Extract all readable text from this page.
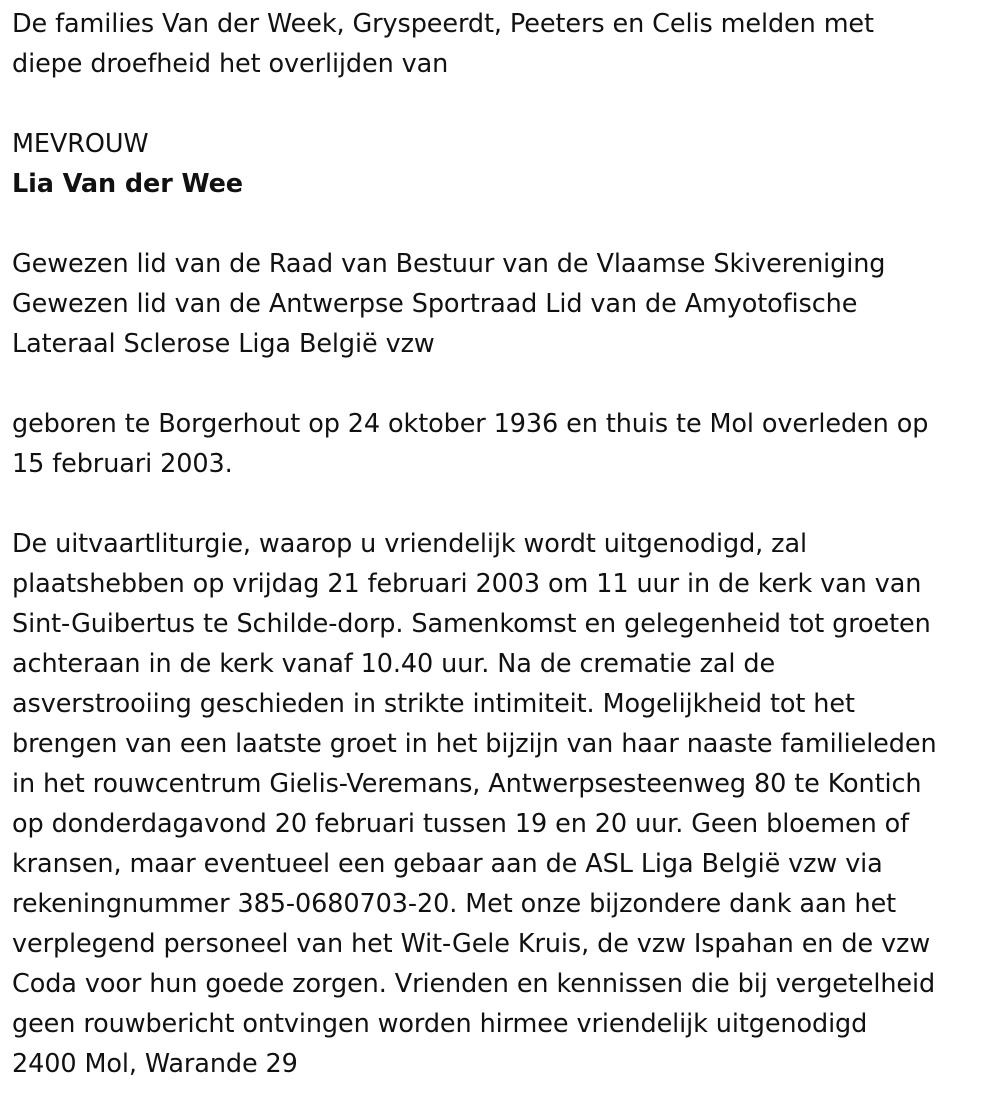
De families Van der Week, Gryspeerdt, Peeters en Celis melden met
diepe droefheid het overlijden van
MEVROUW
Lia Van der Wee
Gewezen lid van de Raad van Bestuur van de Vlaamse Skivereniging
Gewezen lid van de Antwerpse Sportraad Lid van de Amyotofische
Lateraal Sclerose Liga België vzw
geboren te Borgerhout op 24 oktober 1936 en thuis te Mol overleden op
15 februari 2003.
De uitvaartliturgie, waarop u vriendelijk wordt uitgenodigd, zal
plaatshebben op vrijdag 21 februari 2003 om 11 uur in de kerk van van
Sint-Guibertus te Schilde-dorp. Samenkomst en gelegenheid tot groeten
achteraan in de kerk vanaf 10.40 uur. Na de crematie zal de
asverstrooiing geschieden in strikte intimiteit. Mogelijkheid tot het
brengen van een laatste groet in het bijzijn van haar naaste familieleden
in het rouwcentrum Gielis-Veremans, Antwerpsesteenweg 80 te Kontich
op donderdagavond 20 februari tussen 19 en 20 uur. Geen bloemen of
kransen, maar eventueel een gebaar aan de ASL Liga België vzw via
rekeningnummer 385-0680703-20. Met onze bijzondere dank aan het
verplegend personeel van het Wit-Gele Kruis, de vzw Ispahan en de vzw
Coda voor hun goede zorgen. Vrienden en kennissen die bij vergetelheid
geen rouwbericht ontvingen worden hirmee vriendelijk uitgenodigd
2400 Mol, Warande 29
